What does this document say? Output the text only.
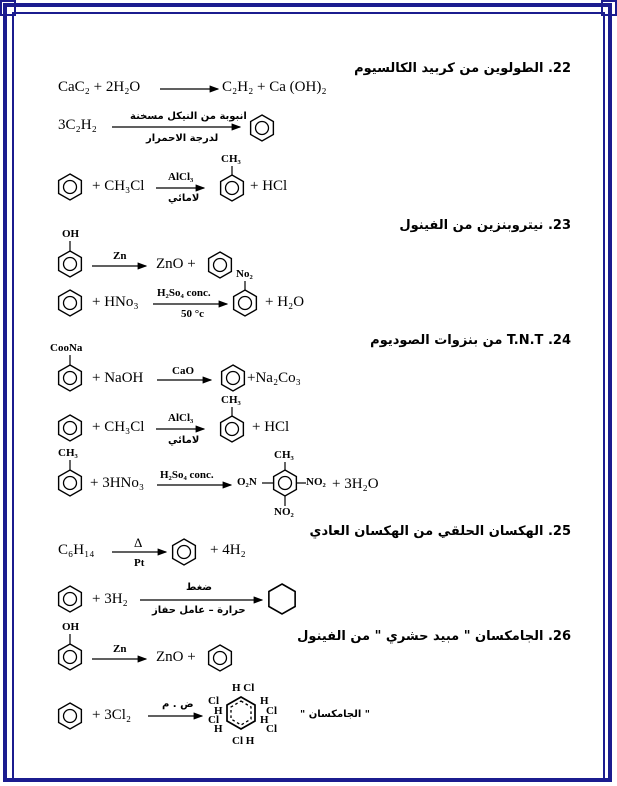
22. الطولوين من كربيد الكالسيوم
CaC₂ + 2H₂O → C₂H₂ + Ca (OH)₂
3C₂H₂
انبوبة من النيكل مسخنة
لدرجة الاحمرار
+ CH₃Cl
AlCl₃
لامائي
CH₃
+ HCl
23. نيتروبنزين من الفينول
OH
Zn → ZnO +
+ HNo₃
H₂So₄ conc.
50 °c
No₂
+ H₂O
24. T.N.T من بنزوات الصوديوم
CooNa
+ NaOH	CaO	+Na₂Co₃
+ CH₃Cl
AlCl₃
لامائي
CH₃
+ HCl
CH₃
+ 3HNo₃ H₂So₄ conc.
CH₃
O₂N	NO₂
NO₂
+ 3H₂O
25. الهكسان الحلقي من الهكسان العادي
C₆H₁₄	Δ
Pt
+ 4H₂
+ 3H₂
ضغط
حرارة – عامل حفاز
26. الجامكسان " مبيد حشري " من الفينول
OH
Zn → ZnO +
+ 3Cl₂
ض . م
H Cl
Cl
H
Cl
H
H
Cl
H
Cl
Cl H
" الجامكسان "
